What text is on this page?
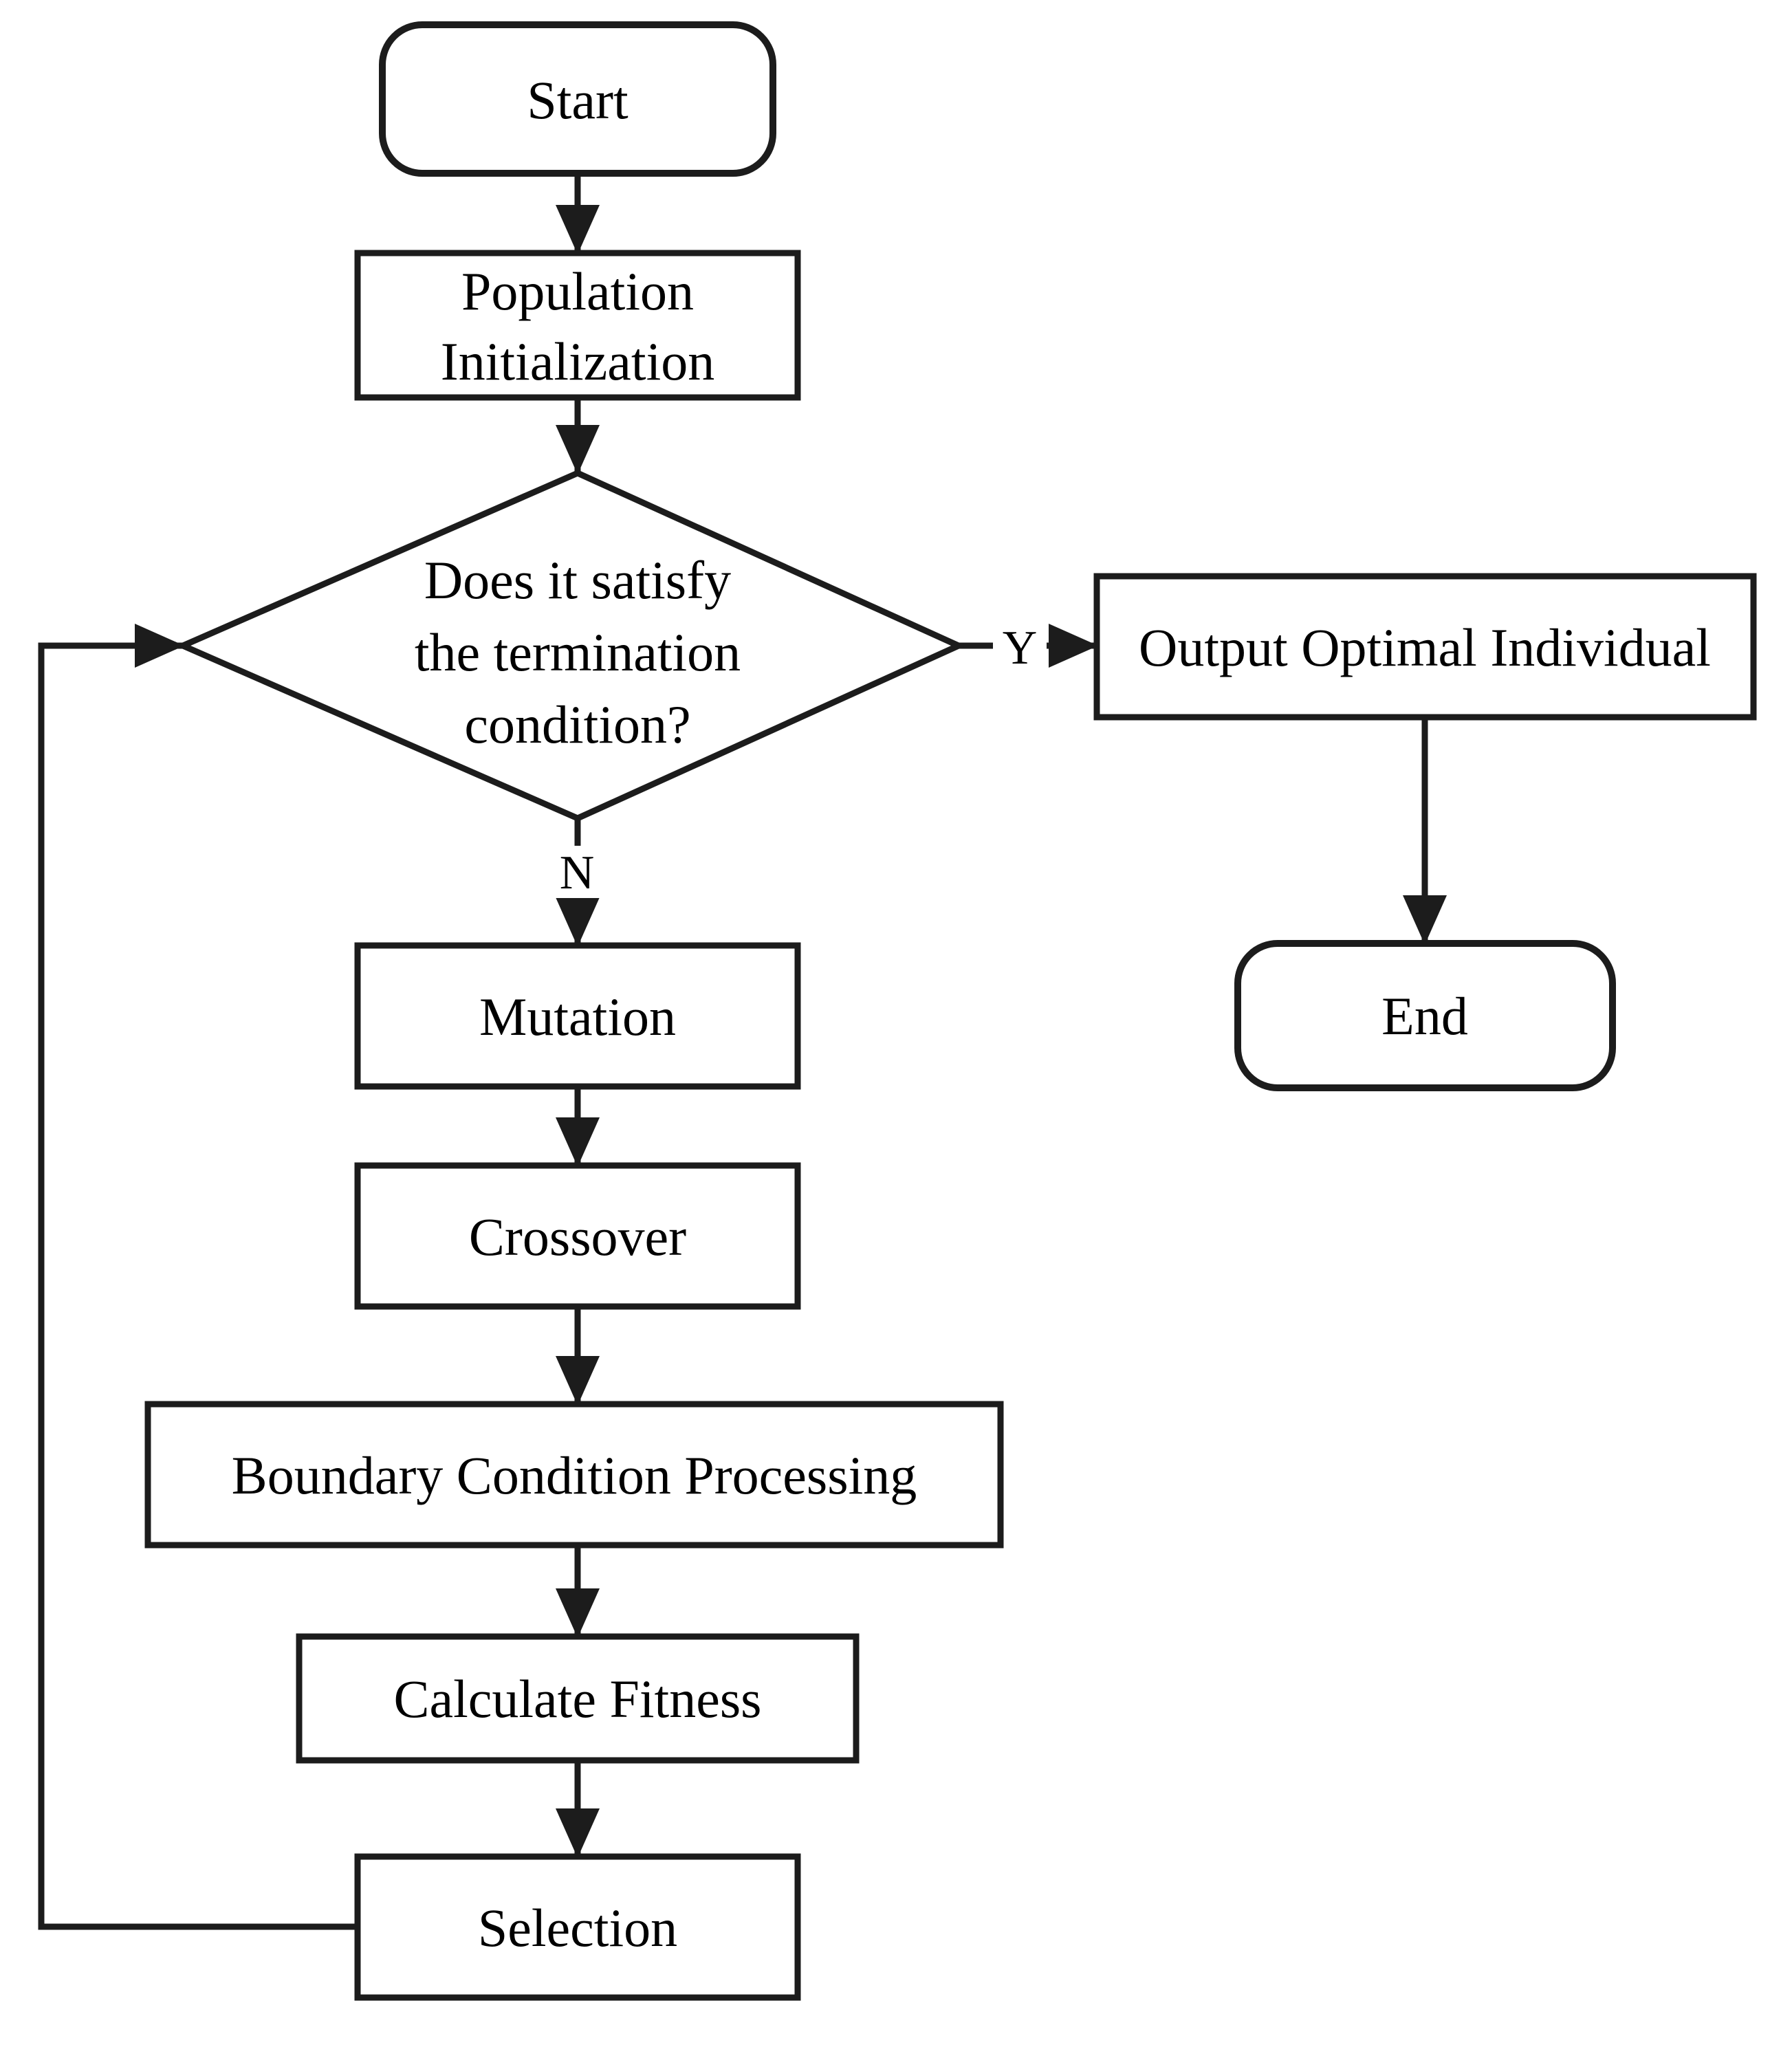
N
Y
Start
Population Initialization
Does it satisfy the termination condition?
Output Optimal Individual
End
Mutation
Crossover
Boundary Condition Processing
Calculate Fitness
Selection
